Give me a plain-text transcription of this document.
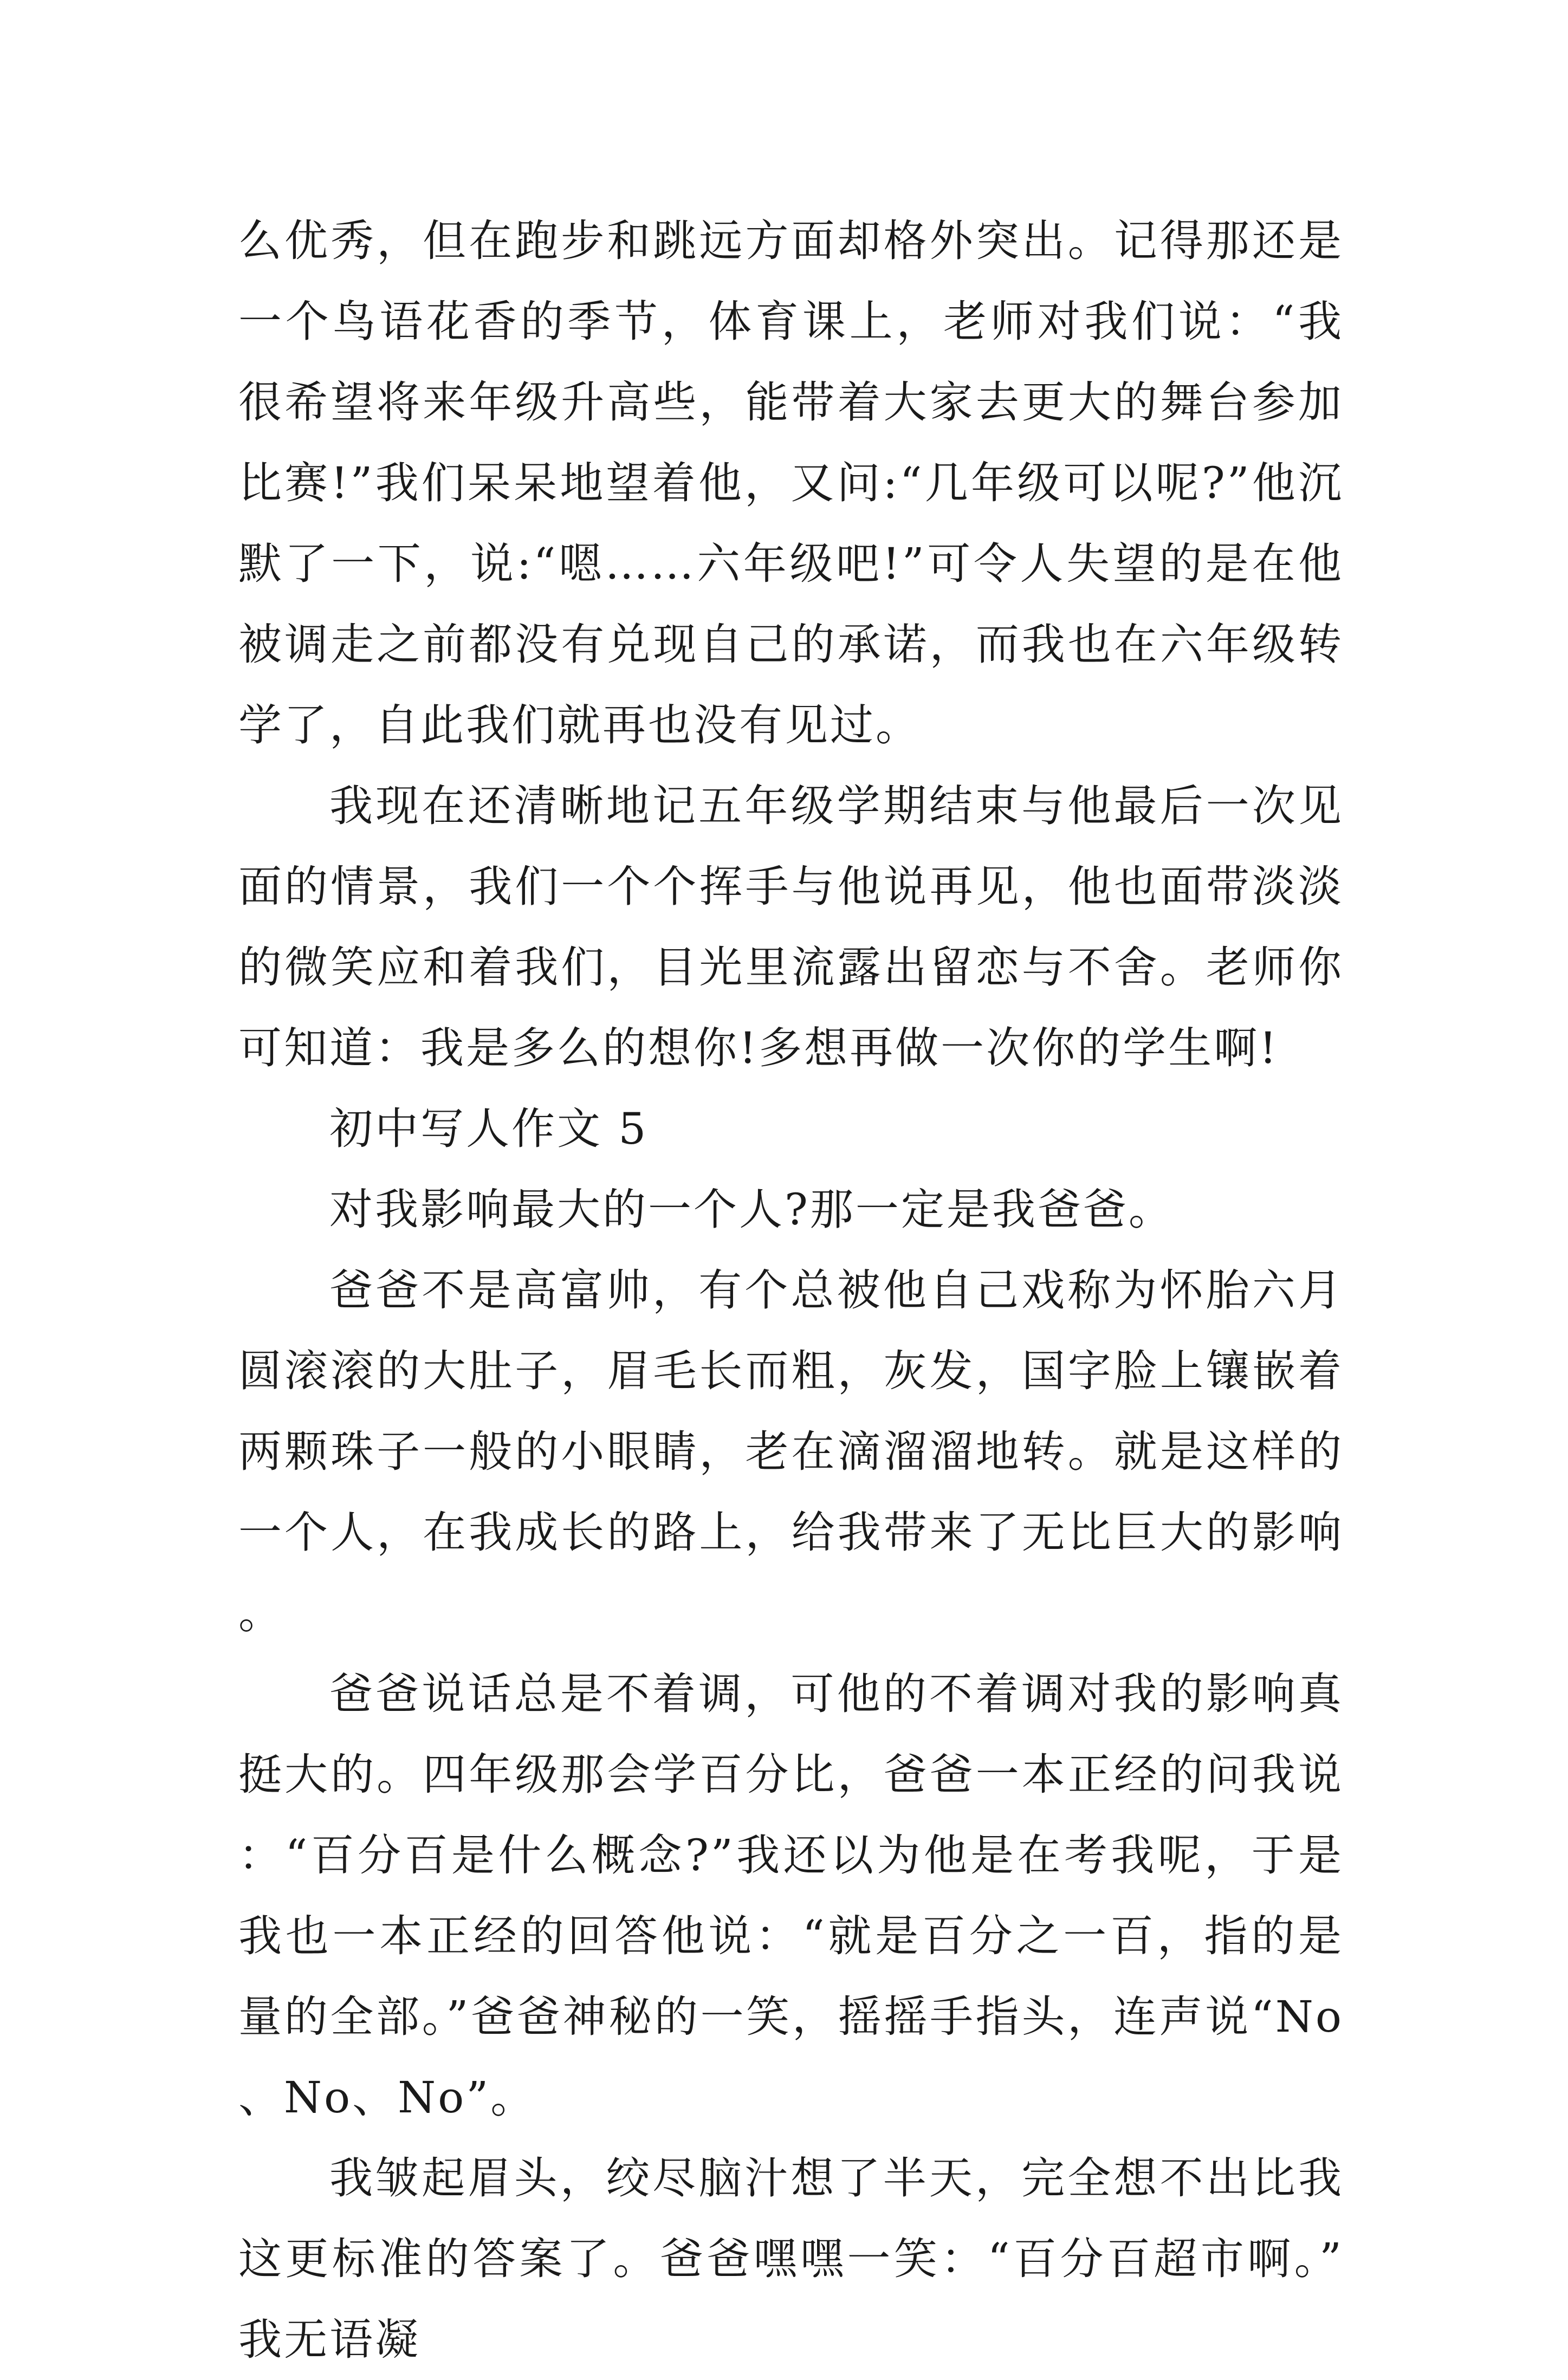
么优秀，但在跑步和跳远方面却格外突出。记得那还是一个鸟语花香的季节，体育课上，老师对我们说：“我很希望将来年级升高些，能带着大家去更大的舞台参加比赛!”我们呆呆地望着他，又问:“几年级可以呢?”他沉默了一下，说:“嗯……六年级吧!”可令人失望的是在他被调走之前都没有兑现自己的承诺，而我也在六年级转学了，自此我们就再也没有见过。

我现在还清晰地记五年级学期结束与他最后一次见面的情景，我们一个个挥手与他说再见，他也面带淡淡的微笑应和着我们，目光里流露出留恋与不舍。老师你可知道：我是多么的想你!多想再做一次你的学生啊!

初中写人作文 5

对我影响最大的一个人?那一定是我爸爸。

爸爸不是高富帅，有个总被他自己戏称为怀胎六月圆滚滚的大肚子，眉毛长而粗，灰发，国字脸上镶嵌着两颗珠子一般的小眼睛，老在滴溜溜地转。就是这样的一个人，在我成长的路上，给我带来了无比巨大的影响。

爸爸说话总是不着调，可他的不着调对我的影响真挺大的。四年级那会学百分比，爸爸一本正经的问我说：“百分百是什么概念?”我还以为他是在考我呢，于是我也一本正经的回答他说：“就是百分之一百，指的是量的全部。”爸爸神秘的一笑，摇摇手指头，连声说“No、No、No”。

我皱起眉头，绞尽脑汁想了半天，完全想不出比我这更标准的答案了。爸爸嘿嘿一笑：“百分百超市啊。”我无语凝
